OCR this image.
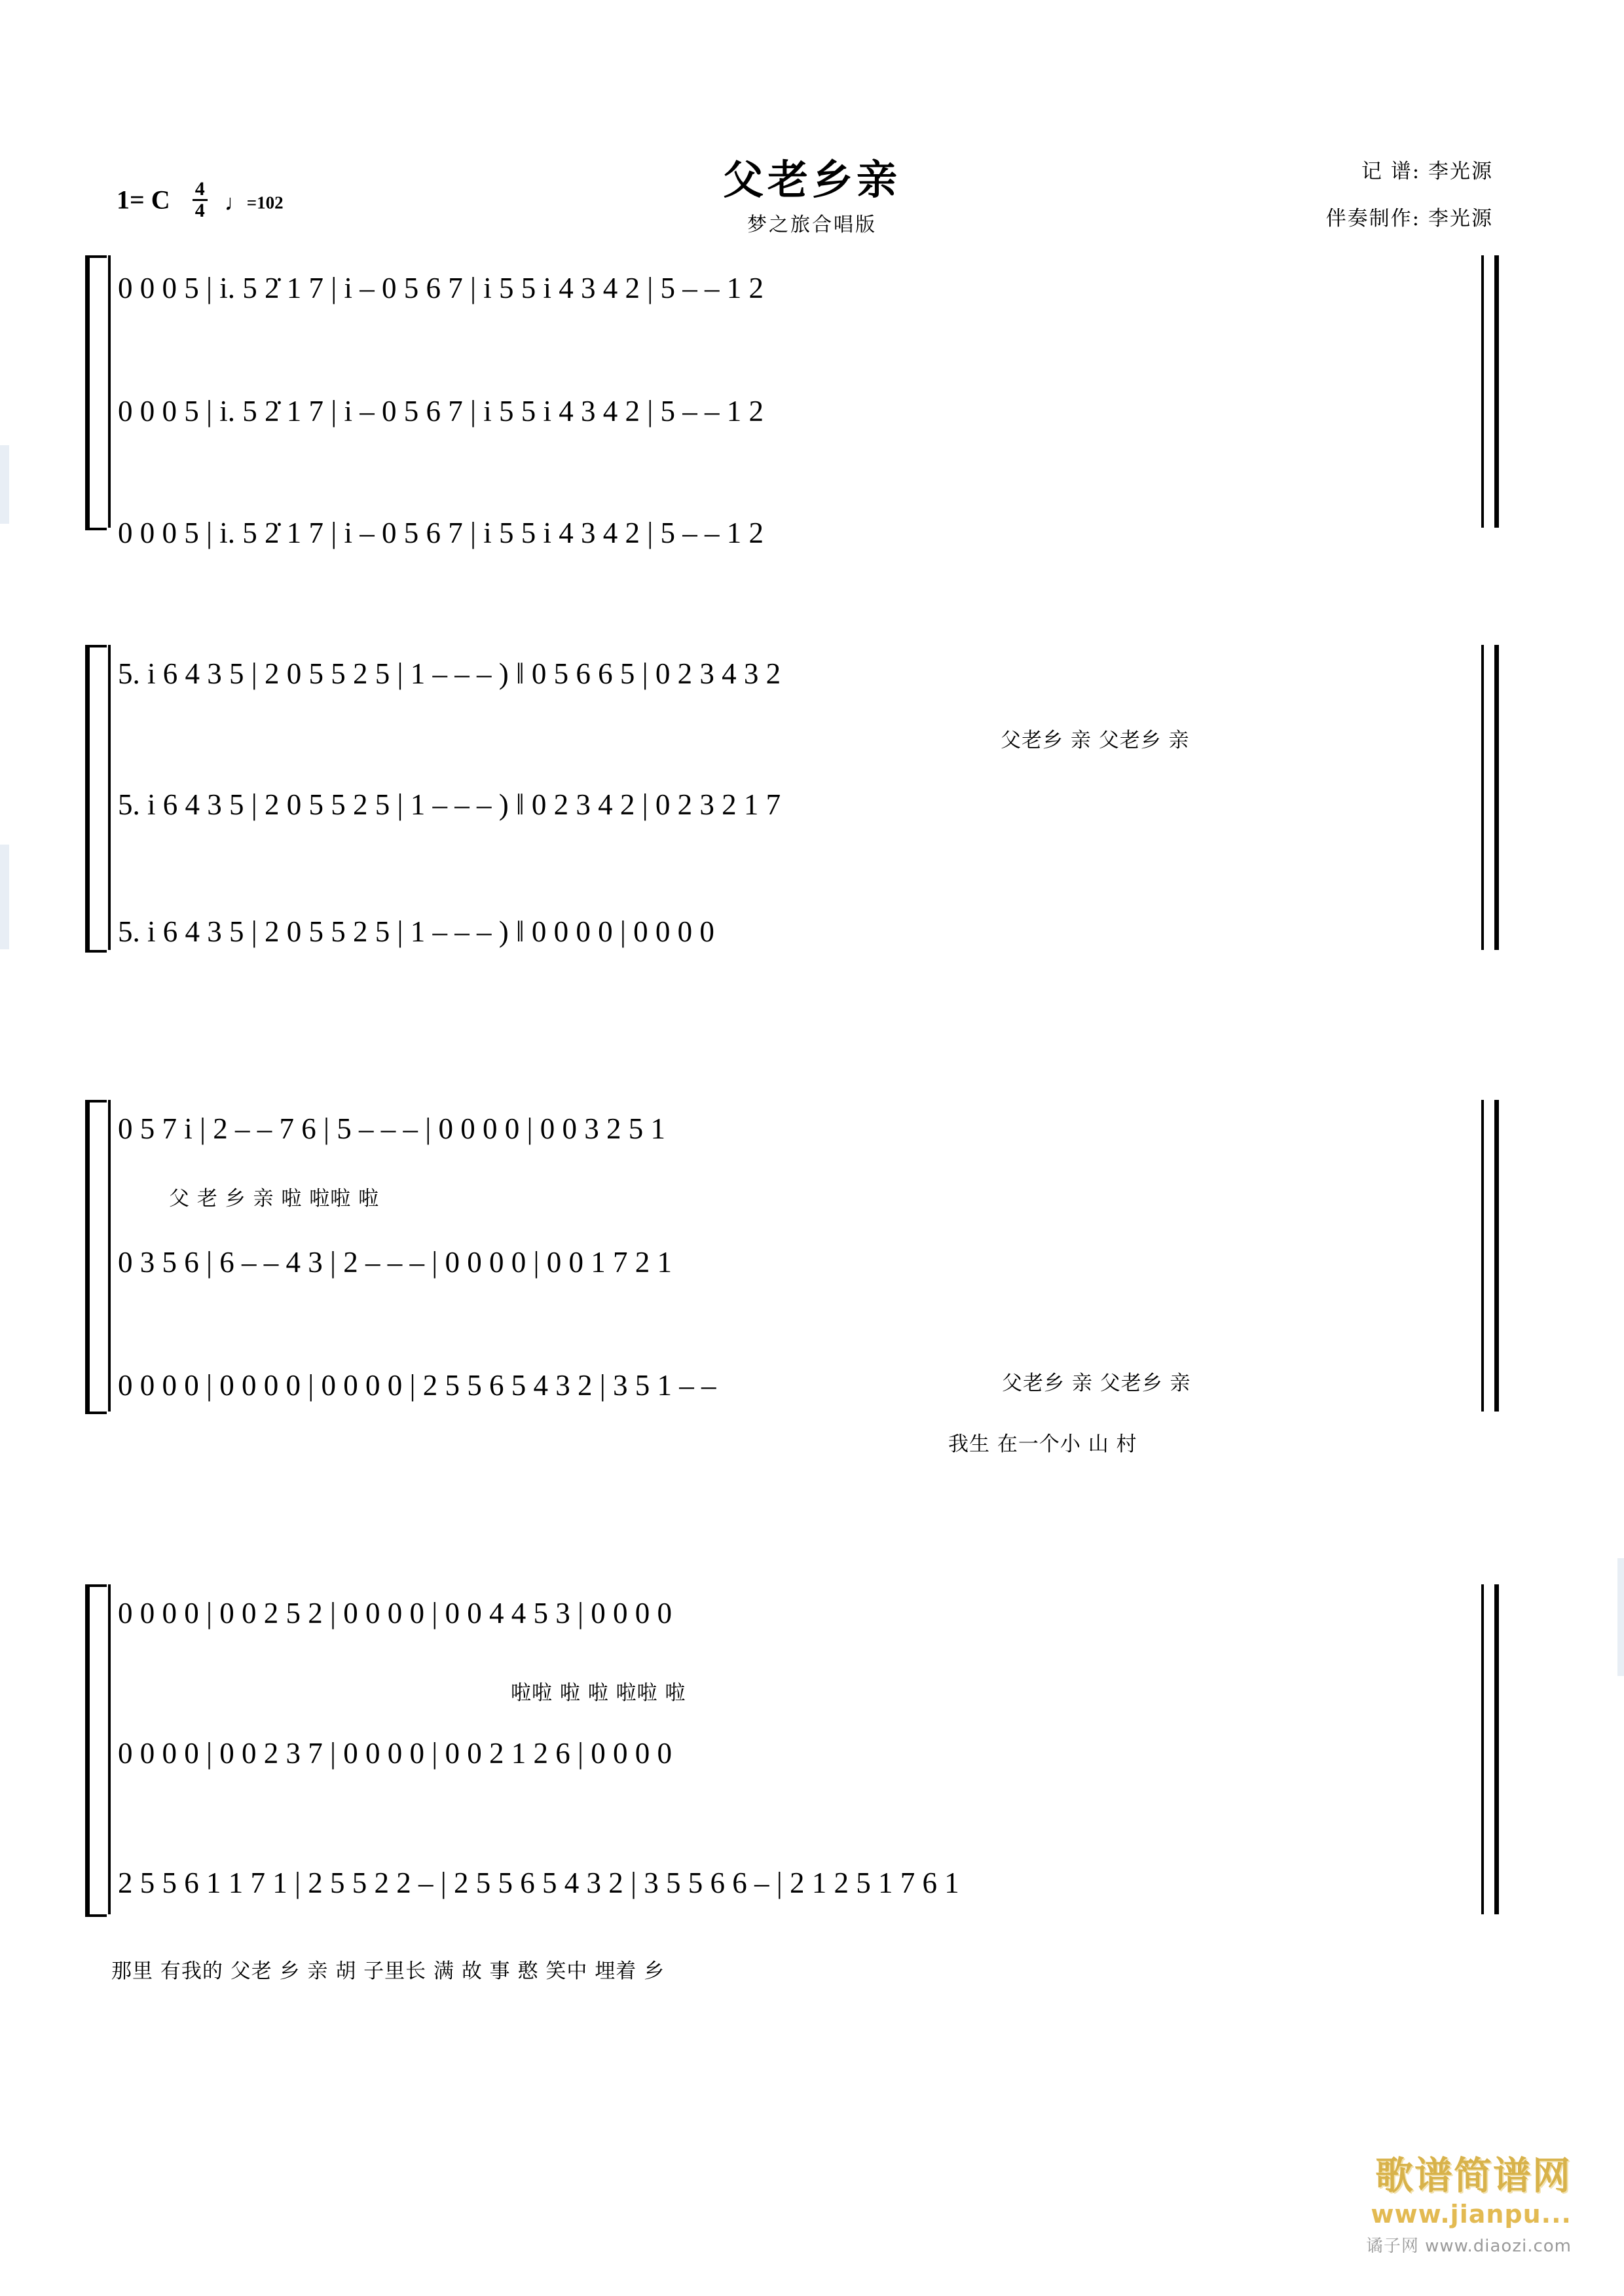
父老乡亲
梦之旅合唱版
记 谱: 李光源
伴奏制作: 李光源
1= C $\frac{4}{4}$ ♩=102
0 0 0 5 | i. 5 2̇ 1 7 | i – 0 5 6 7 | i 5 5 i 4 3 4 2 | 5 – – 1 2
0 0 0 5 | i. 5 2̇ 1 7 | i – 0 5 6 7 | i 5 5 i 4 3 4 2 | 5 – – 1 2
0 0 0 5 | i. 5 2̇ 1 7 | i – 0 5 6 7 | i 5 5 i 4 3 4 2 | 5 – – 1 2
5. i 6 4 3 5 | 2 0 5 5 2 5 | 1 – – – ) ‖ 0 5 6 6 5 | 0 2 3 4 3 2
父老乡 亲 父老乡 亲
5. i 6 4 3 5 | 2 0 5 5 2 5 | 1 – – – ) ‖ 0 2 3 4 2 | 0 2 3 2 1 7
5. i 6 4 3 5 | 2 0 5 5 2 5 | 1 – – – ) ‖ 0 0 0 0 | 0 0 0 0
父老乡 亲 父老乡 亲
0 5 7 i | 2 – – 7 6 | 5 – – – | 0 0 0 0 | 0 0 3 2 5 1
0 3 5 6 | 6 – – 4 3 | 2 – – – | 0 0 0 0 | 0 0 1 7 2 1
0 0 0 0 | 0 0 0 0 | 0 0 0 0 | 2 5 5 6 5 4 3 2 | 3 5 1 – –
父 老 乡 亲 啦 啦啦 啦
我生 在一个小 山 村
0 0 0 0 | 0 0 2 5 2 | 0 0 0 0 | 0 0 4 4 5 3 | 0 0 0 0
0 0 0 0 | 0 0 2 3 7 | 0 0 0 0 | 0 0 2 1 2 6 | 0 0 0 0
2 5 5 6 1 1 7 1 | 2 5 5 2 2 – | 2 5 5 6 5 4 3 2 | 3 5 5 6 6 – | 2 1 2 5 1 7 6 1
啦啦 啦 啦 啦啦 啦
那里 有我的 父老 乡 亲 胡 子里长 满 故 事 憨 笑中 埋着 乡
歌谱简谱网
www.jianpu...
谲子网 www.diaozi.com
